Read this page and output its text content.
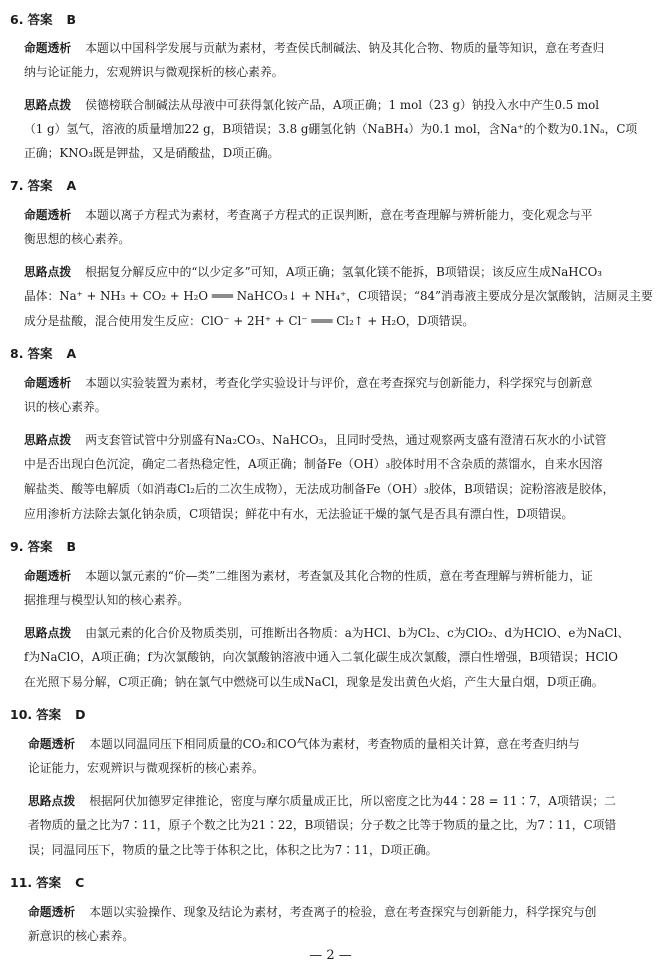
6. 答案 B
命题透析 本题以中国科学发展与贡献为素材，考查侯氏制碱法、钠及其化合物、物质的量等知识，意在考查归
纳与论证能力，宏观辨识与微观探析的核心素养。
思路点拨 侯德榜联合制碱法从母液中可获得氯化铵产品，A项正确；1 mol（23 g）钠投入水中产生0.5 mol
（1 g）氢气，溶液的质量增加22 g，B项错误；3.8 g硼氢化钠（NaBH₄）为0.1 mol，含Na⁺的个数为0.1Nₐ，C项
正确；KNO₃既是钾盐，又是硝酸盐，D项正确。
7. 答案 A
命题透析 本题以离子方程式为素材，考查离子方程式的正误判断，意在考查理解与辨析能力，变化观念与平
衡思想的核心素养。
思路点拨 根据复分解反应中的“以少定多”可知，A项正确；氢氧化镁不能拆，B项错误；该反应生成NaHCO₃
晶体：Na⁺ + NH₃ + CO₂ + H₂O ═══ NaHCO₃↓ + NH₄⁺，C项错误；“84”消毒液主要成分是次氯酸钠，洁厕灵主要
成分是盐酸，混合使用发生反应：ClO⁻ + 2H⁺ + Cl⁻ ═══ Cl₂↑ + H₂O，D项错误。
8. 答案 A
命题透析 本题以实验装置为素材，考查化学实验设计与评价，意在考查探究与创新能力，科学探究与创新意
识的核心素养。
思路点拨 两支套管试管中分别盛有Na₂CO₃、NaHCO₃，且同时受热，通过观察两支盛有澄清石灰水的小试管
中是否出现白色沉淀，确定二者热稳定性，A项正确；制备Fe（OH）₃胶体时用不含杂质的蒸馏水，自来水因溶
解盐类、酸等电解质（如消毒Cl₂后的二次生成物），无法成功制备Fe（OH）₃胶体，B项错误；淀粉溶液是胶体，
应用渗析方法除去氯化钠杂质，C项错误；鲜花中有水，无法验证干燥的氯气是否具有漂白性，D项错误。
9. 答案 B
命题透析 本题以氯元素的“价—类”二维图为素材，考查氯及其化合物的性质，意在考查理解与辨析能力，证
据推理与模型认知的核心素养。
思路点拨 由氯元素的化合价及物质类别，可推断出各物质：a为HCl、b为Cl₂、c为ClO₂、d为HClO、e为NaCl、
f为NaClO，A项正确；f为次氯酸钠，向次氯酸钠溶液中通入二氧化碳生成次氯酸，漂白性增强，B项错误；HClO
在光照下易分解，C项正确；钠在氯气中燃烧可以生成NaCl，现象是发出黄色火焰，产生大量白烟，D项正确。
10. 答案 D
命题透析 本题以同温同压下相同质量的CO₂和CO气体为素材，考查物质的量相关计算，意在考查归纳与
论证能力，宏观辨识与微观探析的核心素养。
思路点拨 根据阿伏加德罗定律推论，密度与摩尔质量成正比，所以密度之比为44∶28 = 11∶7，A项错误；二
者物质的量之比为7∶11，原子个数之比为21∶22，B项错误；分子数之比等于物质的量之比，为7∶11，C项错
误；同温同压下，物质的量之比等于体积之比，体积之比为7∶11，D项正确。
11. 答案 C
命题透析 本题以实验操作、现象及结论为素材，考查离子的检验，意在考查探究与创新能力，科学探究与创
新意识的核心素养。
— 2 —
